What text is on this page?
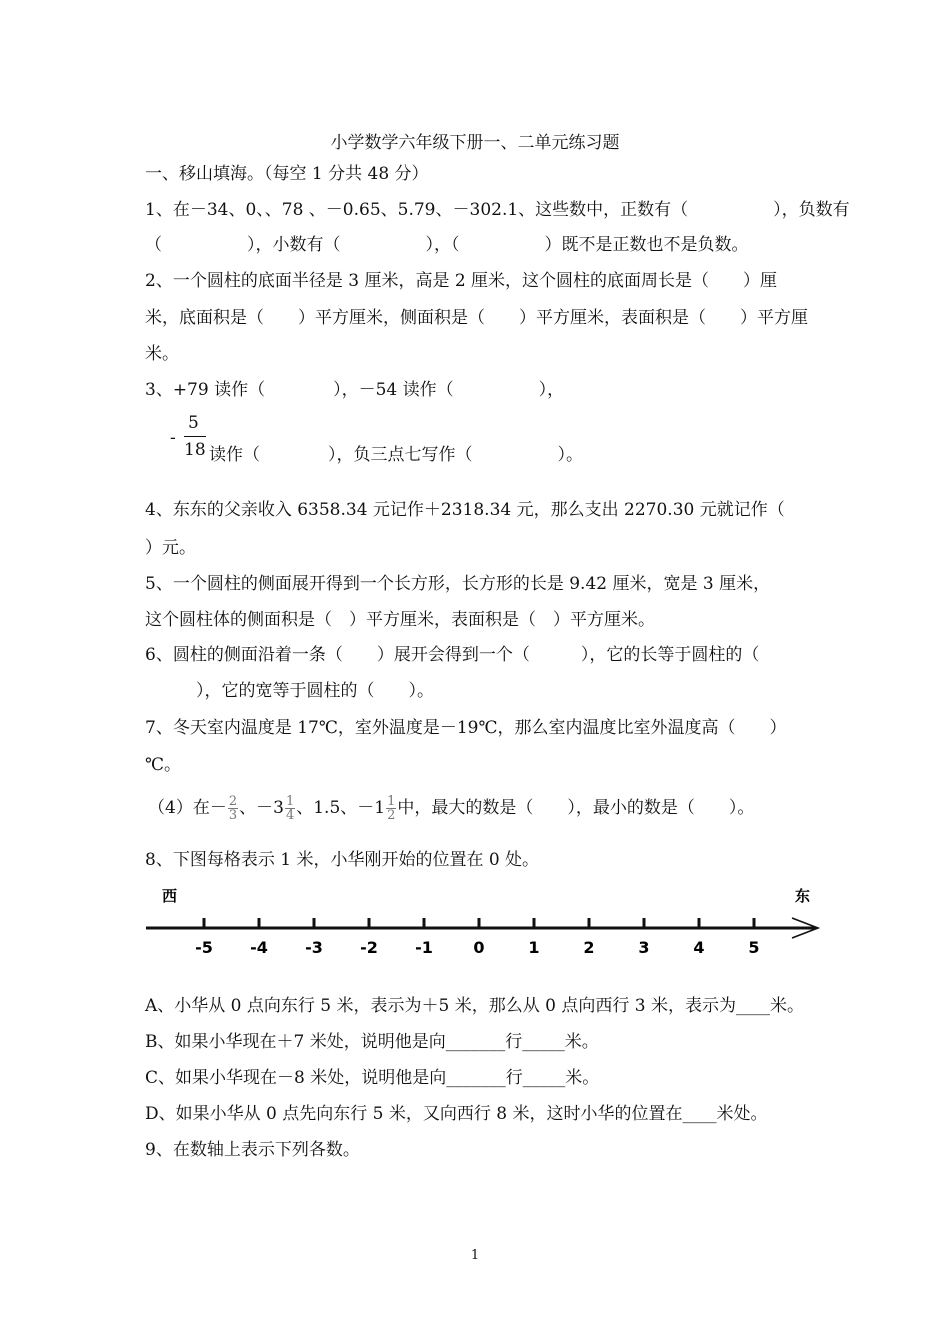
小学数学六年级下册一、二单元练习题
一、移山填海。（每空 1 分共 48 分）
1、在－34、0、、78 、－0.65、5.79、－302.1、这些数中，正数有（　　　　　），负数有
（　　　　　），小数有（　　　　　），（　　　　　）既不是正数也不是负数。
2、一个圆柱的底面半径是 3 厘米，高是 2 厘米，这个圆柱的底面周长是（　　）厘
米，底面积是（　　）平方厘米，侧面积是（　　）平方厘米，表面积是（　　）平方厘
米。
3、+79 读作（　　　　），－54 读作（　　　　　），
-
5
18 读作（　　　　），负三点七写作（　　　　　）。
4、东东的父亲收入 6358.34 元记作＋2318.34 元，那么支出 2270.30 元就记作（
）元。
5、一个圆柱的侧面展开得到一个长方形，长方形的长是 9.42 厘米，宽是 3 厘米，
这个圆柱体的侧面积是（　）平方厘米，表面积是（　）平方厘米。
6、圆柱的侧面沿着一条（　　）展开会得到一个（　　　），它的长等于圆柱的（
　　　），它的宽等于圆柱的（　　）。
7、冬天室内温度是 17℃，室外温度是－19℃，那么室内温度比室外温度高（　　）
℃。
（4）在－ $\frac{2}{3}$ 、$-3 \frac{1}{4}$ 、1.5、$-1 \frac{1}{2}$ 中，最大的数是（　　），最小的数是（　　）。
8、下图每格表示 1 米，小华刚开始的位置在 0 处。
西	东
-5 -4 -3 -2 -1	0	1	2	3	4	5
A、小华从 0 点向东行 5 米，表示为＋5 米，那么从 0 点向西行 3 米，表示为____米。
B、如果小华现在＋7 米处，说明他是向_______行_____米。
C、如果小华现在－8 米处，说明他是向_______行_____米。
D、如果小华从 0 点先向东行 5 米，又向西行 8 米，这时小华的位置在____米处。
9、在数轴上表示下列各数。
1
